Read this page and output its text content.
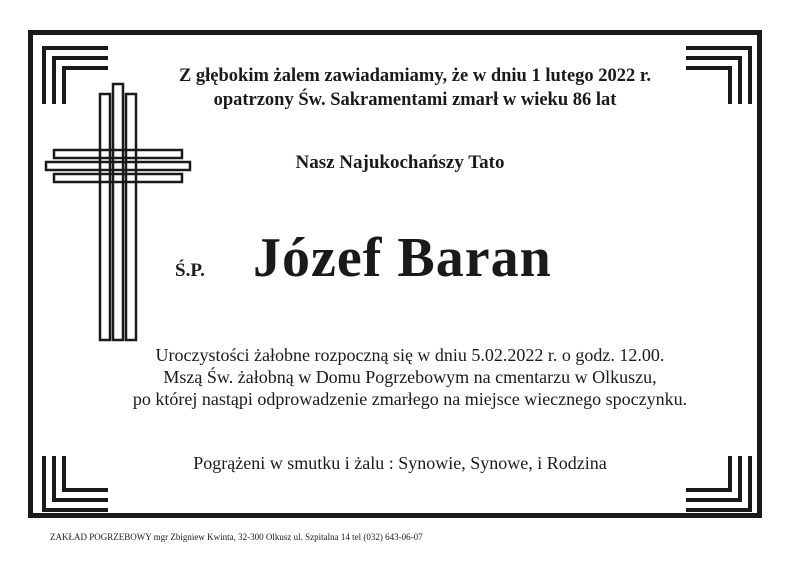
Z głębokim żalem zawiadamiamy, że w dniu 1 lutego 2022 r.
opatrzony Św. Sakramentami zmarł w wieku 86 lat
Nasz Najukochańszy Tato
Ś.P. Józef Baran
Uroczystości żałobne rozpoczną się w dniu 5.02.2022 r. o godz. 12.00.
Mszą Św. żałobną w Domu Pogrzebowym na cmentarzu w Olkuszu,
po której nastąpi odprowadzenie zmarłego na miejsce wiecznego spoczynku.
Pogrążeni w smutku i żalu : Synowie, Synowe, i Rodzina
ZAKŁAD POGRZEBOWY mgr Zbigniew Kwinta, 32-300 Olkusz ul. Szpitalna 14 tel (032) 643-06-07
